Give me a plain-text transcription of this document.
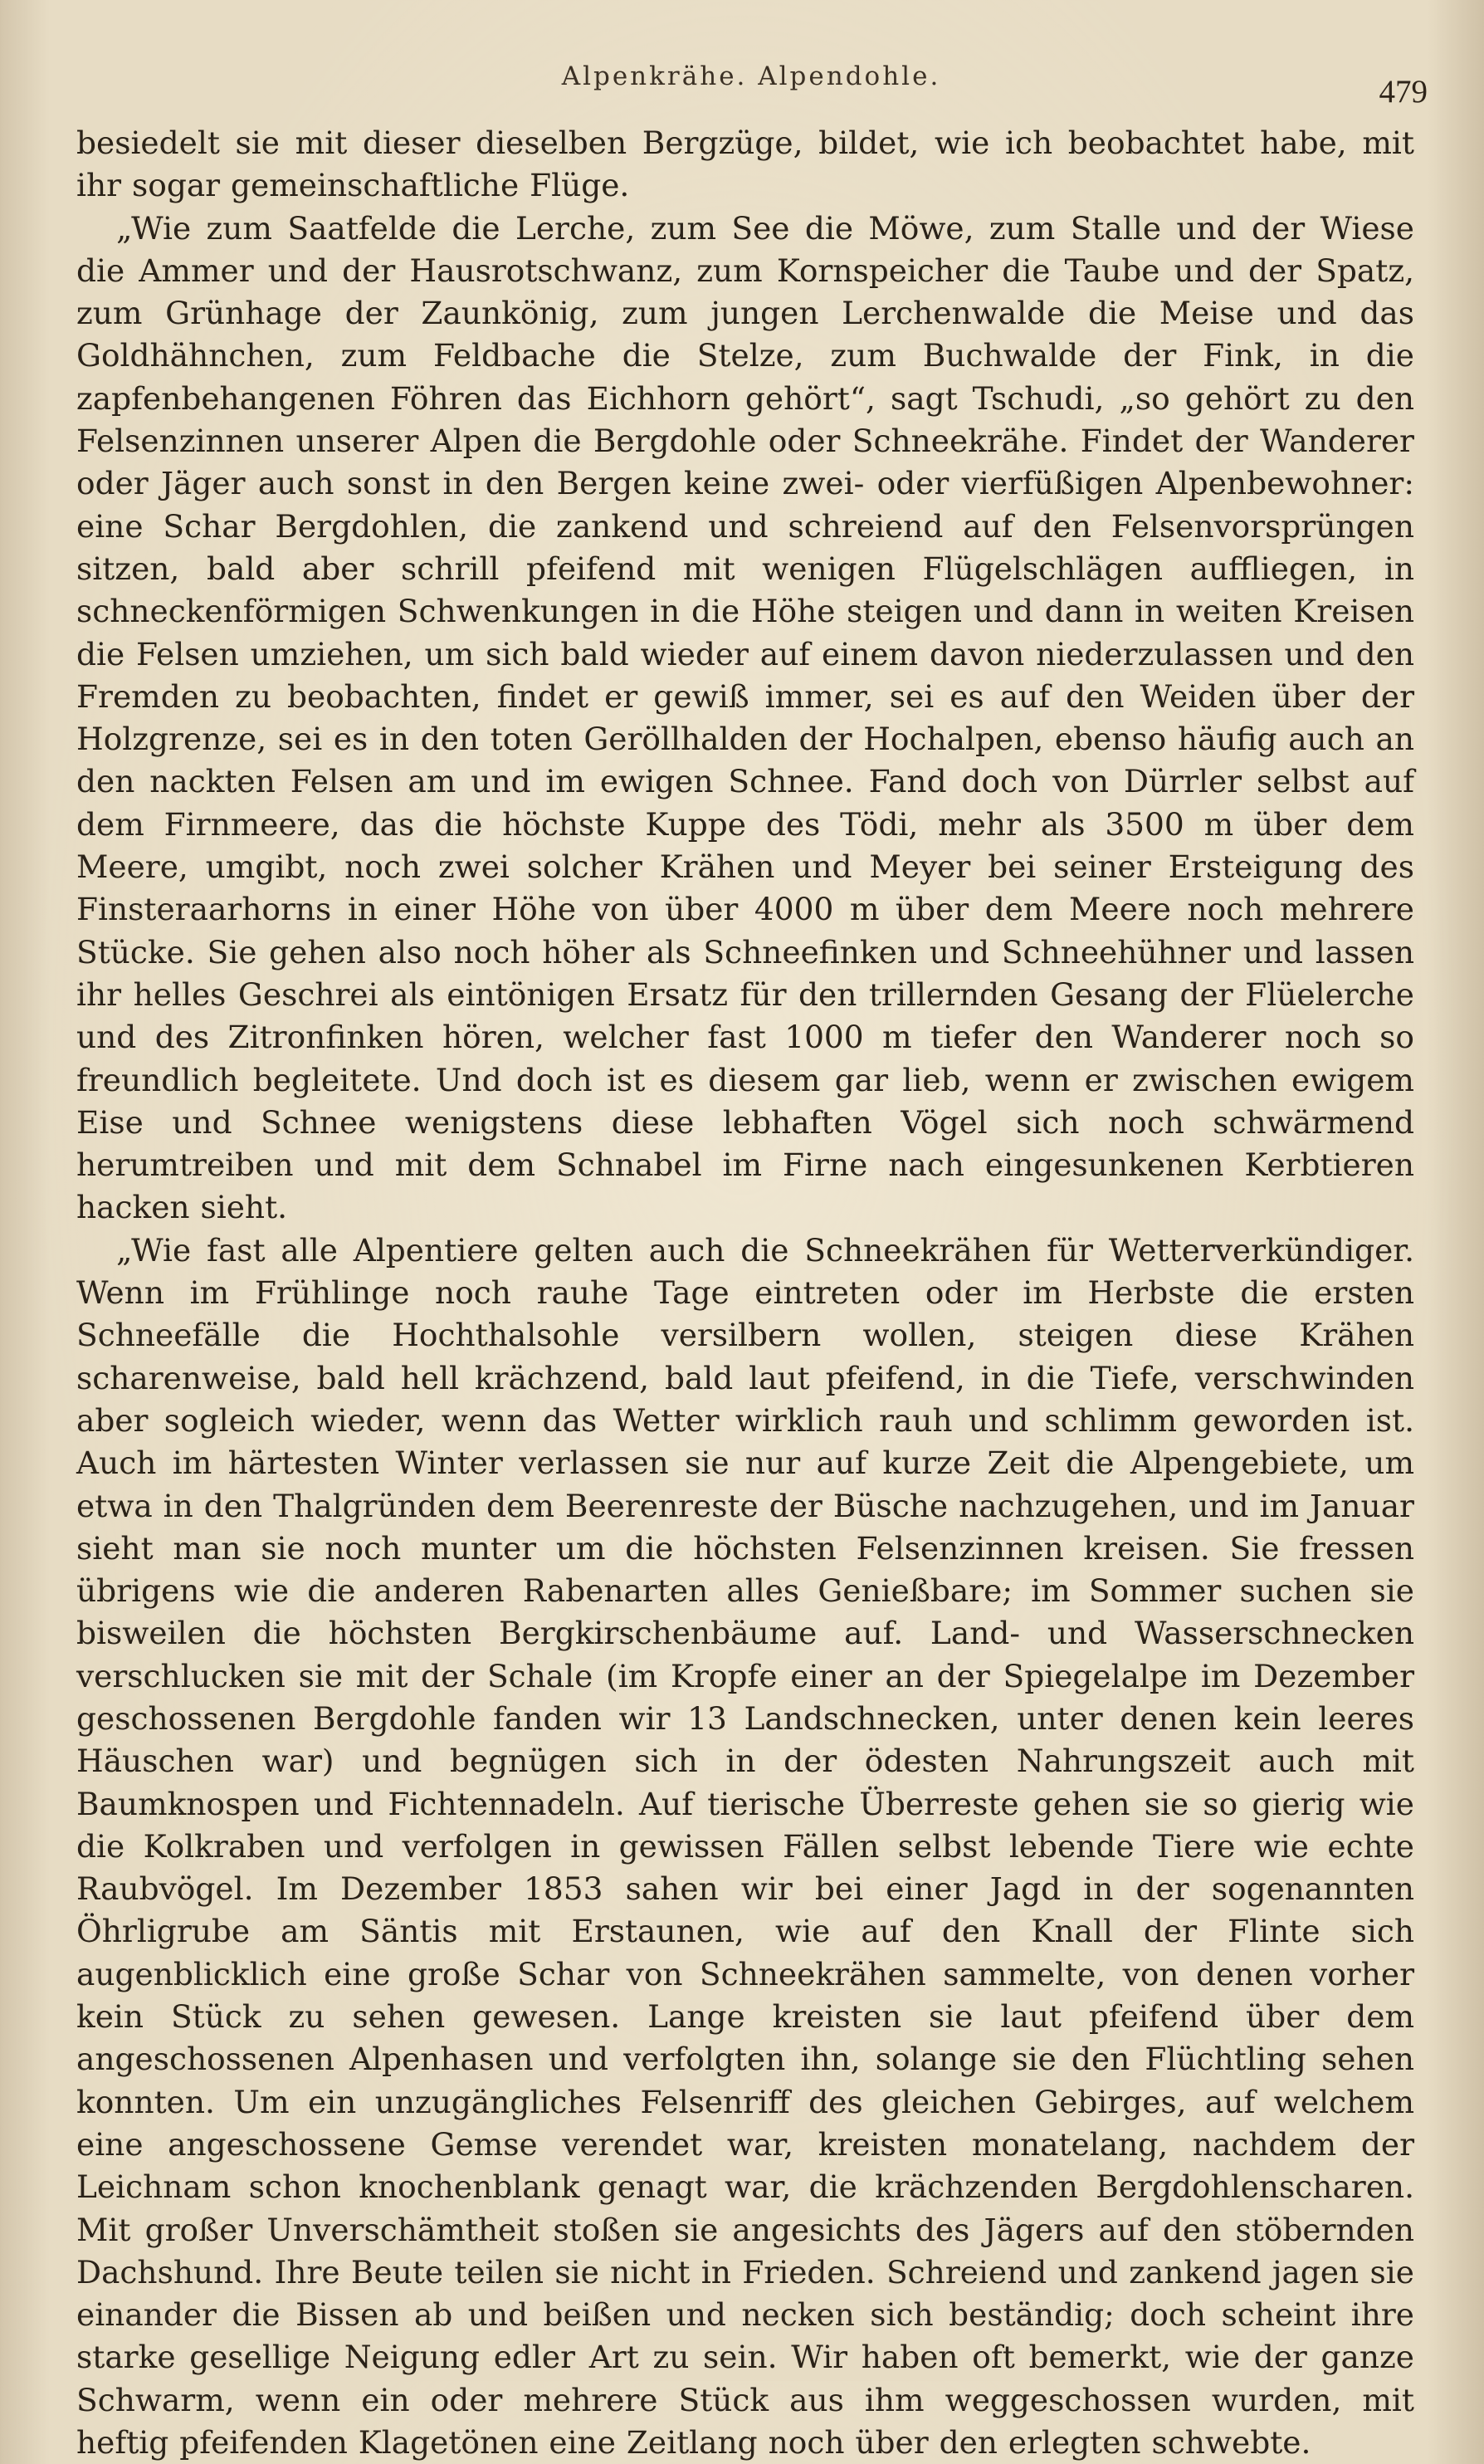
Alpenkrähe. Alpendohle.	479

besiedelt sie mit dieser dieselben Bergzüge, bildet, wie ich beobachtet habe, mit ihr sogar gemeinschaftliche Flüge.

„Wie zum Saatfelde die Lerche, zum See die Möwe, zum Stalle und der Wiese die Ammer und der Hausrotschwanz, zum Kornspeicher die Taube und der Spatz, zum Grünhage der Zaunkönig, zum jungen Lerchenwalde die Meise und das Goldhähnchen, zum Feldbache die Stelze, zum Buchwalde der Fink, in die zapfenbehangenen Föhren das Eichhorn gehört“, sagt Tschudi, „so gehört zu den Felsenzinnen unserer Alpen die Bergdohle oder Schneekrähe. Findet der Wanderer oder Jäger auch sonst in den Bergen keine zwei- oder vierfüßigen Alpenbewohner: eine Schar Bergdohlen, die zankend und schreiend auf den Felsenvorsprüngen sitzen, bald aber schrill pfeifend mit wenigen Flügelschlägen auffliegen, in schneckenförmigen Schwenkungen in die Höhe steigen und dann in weiten Kreisen die Felsen umziehen, um sich bald wieder auf einem davon niederzulassen und den Fremden zu beobachten, findet er gewiß immer, sei es auf den Weiden über der Holzgrenze, sei es in den toten Geröllhalden der Hochalpen, ebenso häufig auch an den nackten Felsen am und im ewigen Schnee. Fand doch von Dürrler selbst auf dem Firnmeere, das die höchste Kuppe des Tödi, mehr als 3500 m über dem Meere, umgibt, noch zwei solcher Krähen und Meyer bei seiner Ersteigung des Finsteraarhorns in einer Höhe von über 4000 m über dem Meere noch mehrere Stücke. Sie gehen also noch höher als Schneefinken und Schneehühner und lassen ihr helles Geschrei als eintönigen Ersatz für den trillernden Gesang der Flüelerche und des Zitronfinken hören, welcher fast 1000 m tiefer den Wanderer noch so freundlich begleitete. Und doch ist es diesem gar lieb, wenn er zwischen ewigem Eise und Schnee wenigstens diese lebhaften Vögel sich noch schwärmend herumtreiben und mit dem Schnabel im Firne nach eingesunkenen Kerbtieren hacken sieht.

„Wie fast alle Alpentiere gelten auch die Schneekrähen für Wetterverkündiger. Wenn im Frühlinge noch rauhe Tage eintreten oder im Herbste die ersten Schneefälle die Hochthalsohle versilbern wollen, steigen diese Krähen scharenweise, bald hell krächzend, bald laut pfeifend, in die Tiefe, verschwinden aber sogleich wieder, wenn das Wetter wirklich rauh und schlimm geworden ist. Auch im härtesten Winter verlassen sie nur auf kurze Zeit die Alpengebiete, um etwa in den Thalgründen dem Beerenreste der Büsche nachzugehen, und im Januar sieht man sie noch munter um die höchsten Felsenzinnen kreisen. Sie fressen übrigens wie die anderen Rabenarten alles Genießbare; im Sommer suchen sie bisweilen die höchsten Bergkirschenbäume auf. Land- und Wasserschnecken verschlucken sie mit der Schale (im Kropfe einer an der Spiegelalpe im Dezember geschossenen Bergdohle fanden wir 13 Landschnecken, unter denen kein leeres Häuschen war) und begnügen sich in der ödesten Nahrungszeit auch mit Baumknospen und Fichtennadeln. Auf tierische Überreste gehen sie so gierig wie die Kolkraben und verfolgen in gewissen Fällen selbst lebende Tiere wie echte Raubvögel. Im Dezember 1853 sahen wir bei einer Jagd in der sogenannten Öhrligrube am Säntis mit Erstaunen, wie auf den Knall der Flinte sich augenblicklich eine große Schar von Schneekrähen sammelte, von denen vorher kein Stück zu sehen gewesen. Lange kreisten sie laut pfeifend über dem angeschossenen Alpenhasen und verfolgten ihn, solange sie den Flüchtling sehen konnten. Um ein unzugängliches Felsenriff des gleichen Gebirges, auf welchem eine angeschossene Gemse verendet war, kreisten monatelang, nachdem der Leichnam schon knochenblank genagt war, die krächzenden Bergdohlenscharen. Mit großer Unverschämtheit stoßen sie angesichts des Jägers auf den stöbernden Dachshund. Ihre Beute teilen sie nicht in Frieden. Schreiend und zankend jagen sie einander die Bissen ab und beißen und necken sich beständig; doch scheint ihre starke gesellige Neigung edler Art zu sein. Wir haben oft bemerkt, wie der ganze Schwarm, wenn ein oder mehrere Stück aus ihm weggeschossen wurden, mit heftig pfeifenden Klagetönen eine Zeitlang noch über den erlegten schwebte.
